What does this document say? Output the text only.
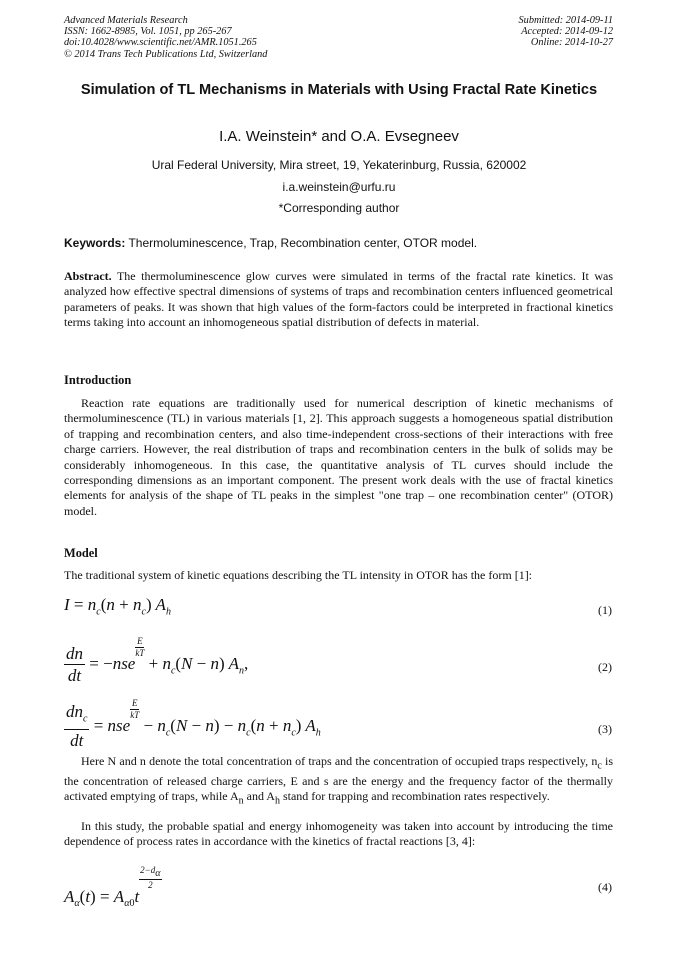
Advanced Materials Research
ISSN: 1662-8985, Vol. 1051, pp 265-267
doi:10.4028/www.scientific.net/AMR.1051.265
© 2014 Trans Tech Publications Ltd, Switzerland
Submitted: 2014-09-11
Accepted: 2014-09-12
Online: 2014-10-27
Simulation of TL Mechanisms in Materials with Using Fractal Rate Kinetics
I.A. Weinstein* and O.A. Evsegneev
Ural Federal University, Mira street, 19, Yekaterinburg, Russia, 620002
i.a.weinstein@urfu.ru
*Corresponding author
Keywords: Thermoluminescence, Trap, Recombination center, OTOR model.
Abstract. The thermoluminescence glow curves were simulated in terms of the fractal rate kinetics. It was analyzed how effective spectral dimensions of systems of traps and recombination centers influenced geometrical parameters of peaks. It was shown that high values of the form-factors could be interpreted in fractional kinetics terms taking into account an inhomogeneous spatial distribution of defects in material.
Introduction
Reaction rate equations are traditionally used for numerical description of kinetic mechanisms of thermoluminescence (TL) in various materials [1, 2]. This approach suggests a homogeneous spatial distribution of trapping and recombination centers, and also time-independent cross-sections of their interactions with free charge carriers. However, the real distribution of traps and recombination centers in the bulk of solids may be considerably inhomogeneous. In this case, the quantitative analysis of TL curves should include the corresponding dimensions as an important component. The present work deals with the use of fractal kinetics elements for analysis of the shape of TL peaks in the simplest "one trap – one recombination center" (OTOR) model.
Model
The traditional system of kinetic equations describing the TL intensity in OTOR has the form [1]:
$I = n_c(n + n_c)$ $A_h$	(1)
$\frac{dn}{dt} = -nse$
$\frac{E}{kT}$
+ $n_c(N - n)$ $A_n$,	(2)
$\frac{dn_c}{dt}$ = nse
$\frac{E}{kT}$
− $n_c(N - n) - n_c(n + n_c)$ $A_h$	(3)
Here N and n denote the total concentration of traps and the concentration of occupied traps respectively, $n_c$ is the concentration of released charge carriers, E and s are the energy and the frequency factor of the thermally activated emptying of traps, while $A_n$ and $A_h$ stand for trapping and recombination rates respectively.
In this study, the probable spatial and energy inhomogeneity was taken into account by introducing the time dependence of process rates in accordance with the kinetics of fractal reactions [3, 4]:
$A_\alpha(t) = A_{\alpha 0}t$
$\frac{2-d_\alpha}{2}$	(4)
